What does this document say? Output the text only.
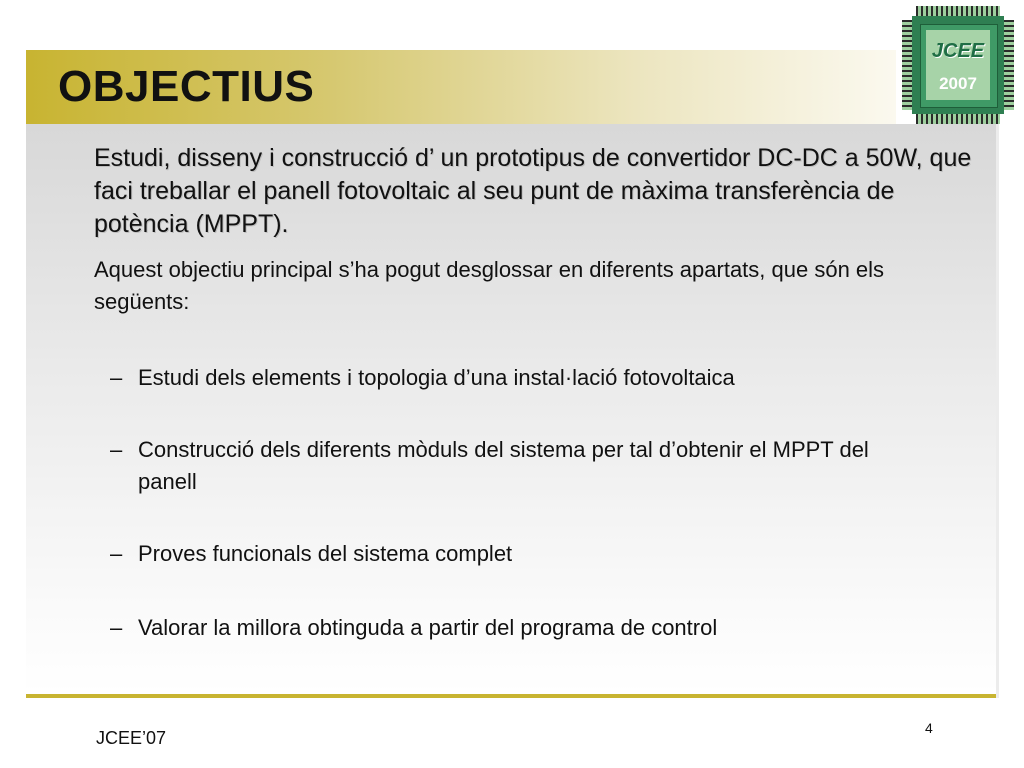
OBJECTIUS
JCEE
2007
Estudi, disseny i construcció d’ un prototipus de convertidor DC-DC a 50W, que faci treballar el panell fotovoltaic al seu punt de màxima transferència de potència (MPPT).
Aquest objectiu principal s’ha pogut desglossar en diferents apartats, que són els següents:
– Estudi dels elements i topologia d’una instal·lació fotovoltaica
– Construcció dels diferents mòduls del sistema per tal d’obtenir el MPPT del panell
– Proves funcionals del sistema complet
– Valorar la millora obtinguda a partir del programa de control
JCEE’07	4
